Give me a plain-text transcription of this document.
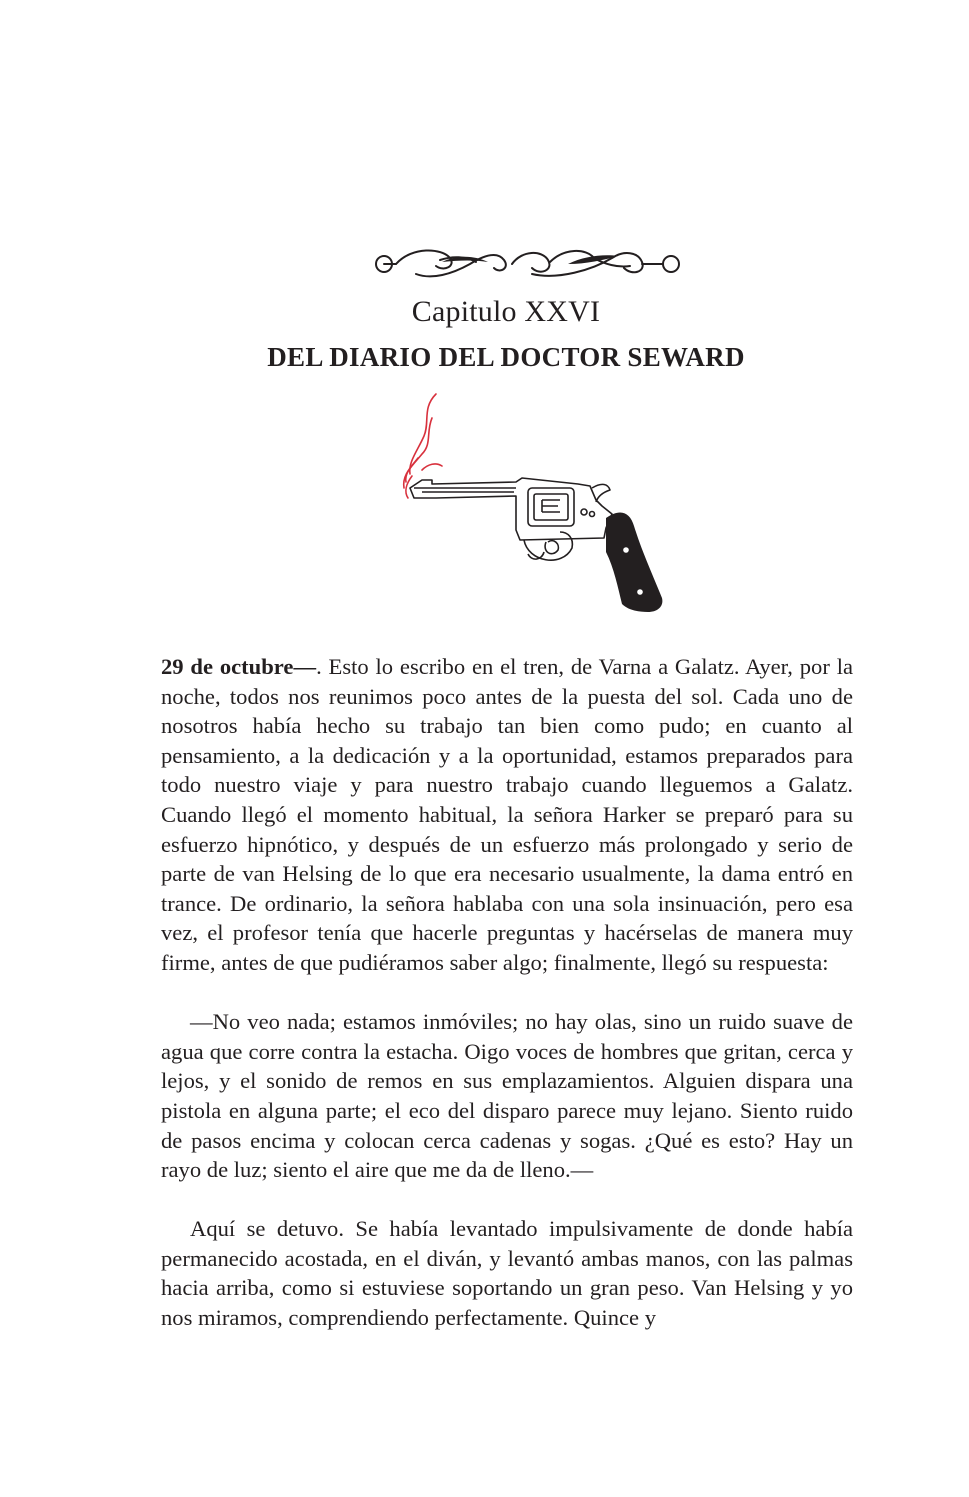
Capitulo XXVI
DEL DIARIO DEL DOCTOR SEWARD

29 de octubre—. Esto lo escribo en el tren, de Varna a Galatz. Ayer, por la noche, todos nos reunimos poco antes de la puesta del sol. Cada uno de nosotros había hecho su trabajo tan bien como pudo; en cuanto al pensamiento, a la dedicación y a la oportunidad, estamos preparados para todo nuestro viaje y para nuestro trabajo cuando lleguemos a Galatz. Cuando llegó el momento habitual, la señora Harker se preparó para su esfuerzo hipnótico, y después de un esfuerzo más prolongado y serio de parte de van Helsing de lo que era necesario usualmente, la dama entró en trance. De ordinario, la señora hablaba con una sola insinuación, pero esa vez, el profesor tenía que hacerle preguntas y hacérselas de manera muy firme, antes de que pudiéramos saber algo; finalmente, llegó su respuesta:

—No veo nada; estamos inmóviles; no hay olas, sino un ruido suave de agua que corre contra la estacha. Oigo voces de hombres que gritan, cerca y lejos, y el sonido de remos en sus emplazamientos. Alguien dispara una pistola en alguna parte; el eco del disparo parece muy lejano. Siento ruido de pasos encima y colocan cerca cadenas y sogas. ¿Qué es esto? Hay un rayo de luz; siento el aire que me da de lleno.—

Aquí se detuvo. Se había levantado impulsivamente de donde había permanecido acostada, en el diván, y levantó ambas manos, con las palmas hacia arriba, como si estuviese soportando un gran peso. Van Helsing y yo nos miramos, comprendiendo perfectamente. Quince y
